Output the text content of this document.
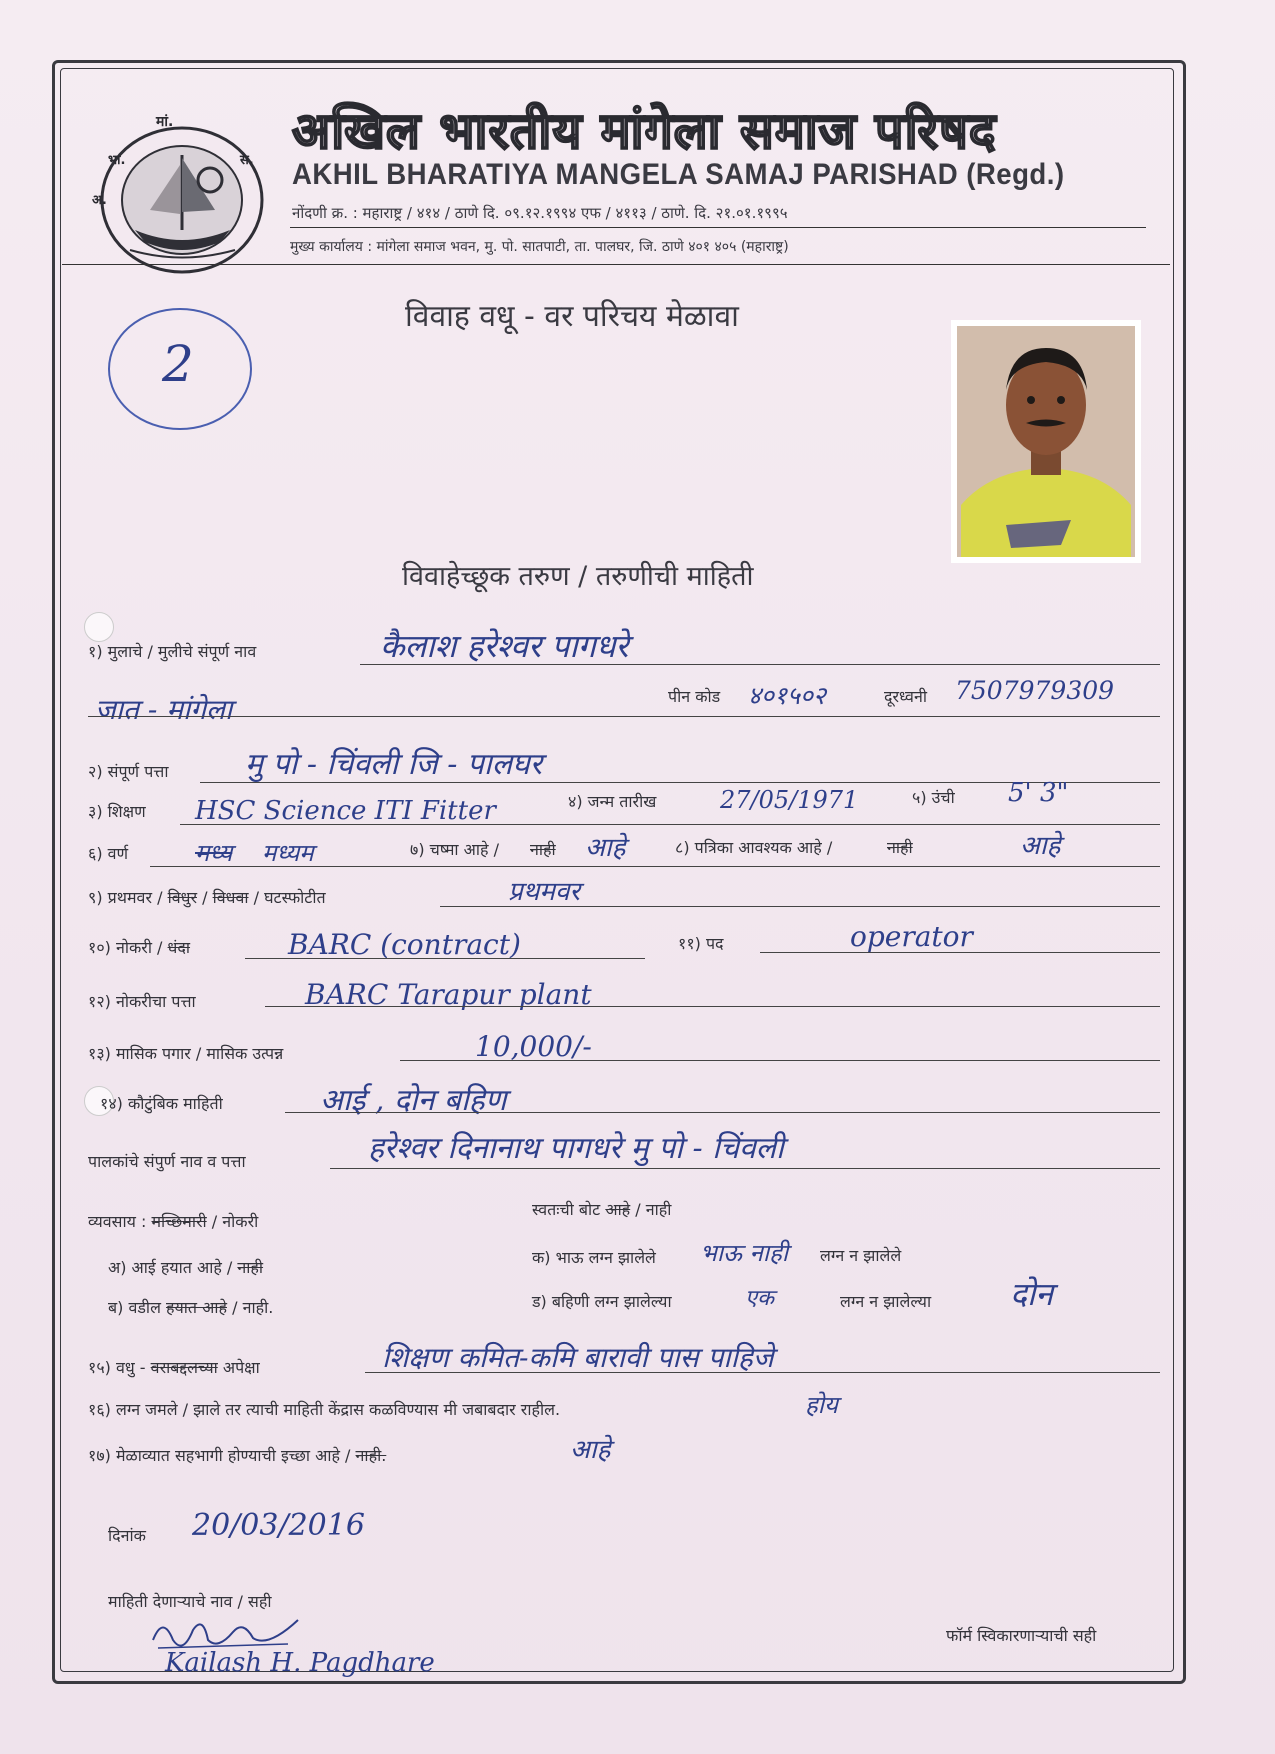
मां.
भा.	स.
अ.
अखिल भारतीय मांगेला समाज परिषद
AKHIL BHARATIYA MANGELA SAMAJ PARISHAD (Regd.)
नोंदणी क्र. : महाराष्ट्र / ४१४ / ठाणे दि. ०९.१२.१९९४ एफ / ४११३ / ठाणे. दि. २१.०१.१९९५
मुख्य कार्यालय : मांगेला समाज भवन, मु. पो. सातपाटी, ता. पालघर, जि. ठाणे ४०१ ४०५ (महाराष्ट्र)
2
विवाह वधू - वर परिचय मेळावा
विवाहेच्छूक तरुण / तरुणीची माहिती
१) मुलाचे / मुलीचे संपूर्ण नाव	कैलाश हरेश्वर पागधरे
जात - मांगेला	पीन कोड ४०१५०२	दूरध्वनी 7507979309
२) संपूर्ण पत्ता	मु पो - चिंवली जि - पालघर
३) शिक्षण HSC Science ITI Fitter	४) जन्म तारीख	27/05/1971	५) उंची 5' 3"
६) वर्ण	मध्य मध्यम	७) चष्मा आहे / नाही आहे	८) पत्रिका आवश्यक आहे /	नाही	आहे
९) प्रथमवर / विधुर / विधवा / घटस्फोटीत	प्रथमवर
१०) नोकरी / धंदा	BARC (contract)	११) पद	operator
१२) नोकरीचा पत्ता	BARC Tarapur plant
१३) मासिक पगार / मासिक उत्पन्न	10,000/-
१४) कौटुंबिक माहिती	आई , दोन बहिण
पालकांचे संपुर्ण नाव व पत्ता	हरेश्वर दिनानाथ पागधरे मु पो - चिंवली
व्यवसाय : मच्छिमारी / नोकरी
स्वतःची बोट आहे / नाही
अ) आई हयात आहे / नाही
क) भाऊ लग्न झालेले भाऊ नाही लग्न न झालेले
ब) वडील हयात आहे / नाही.	ड) बहिणी लग्न झालेल्या	एक	लग्न न झालेल्या दोन
१५) वधु - वराबद्दलच्या अपेक्षा	शिक्षण कमित-कमि बारावी पास पाहिजे
१६) लग्न जमले / झाले तर त्याची माहिती केंद्रास कळविण्यास मी जबाबदार राहील.	होय
१७) मेळाव्यात सहभागी होण्याची इच्छा आहे / नाही.	आहे
दिनांक 20/03/2016
माहिती देणाऱ्याचे नाव / सही
Kailash H. Pagdhare
फॉर्म स्विकारणाऱ्याची सही
